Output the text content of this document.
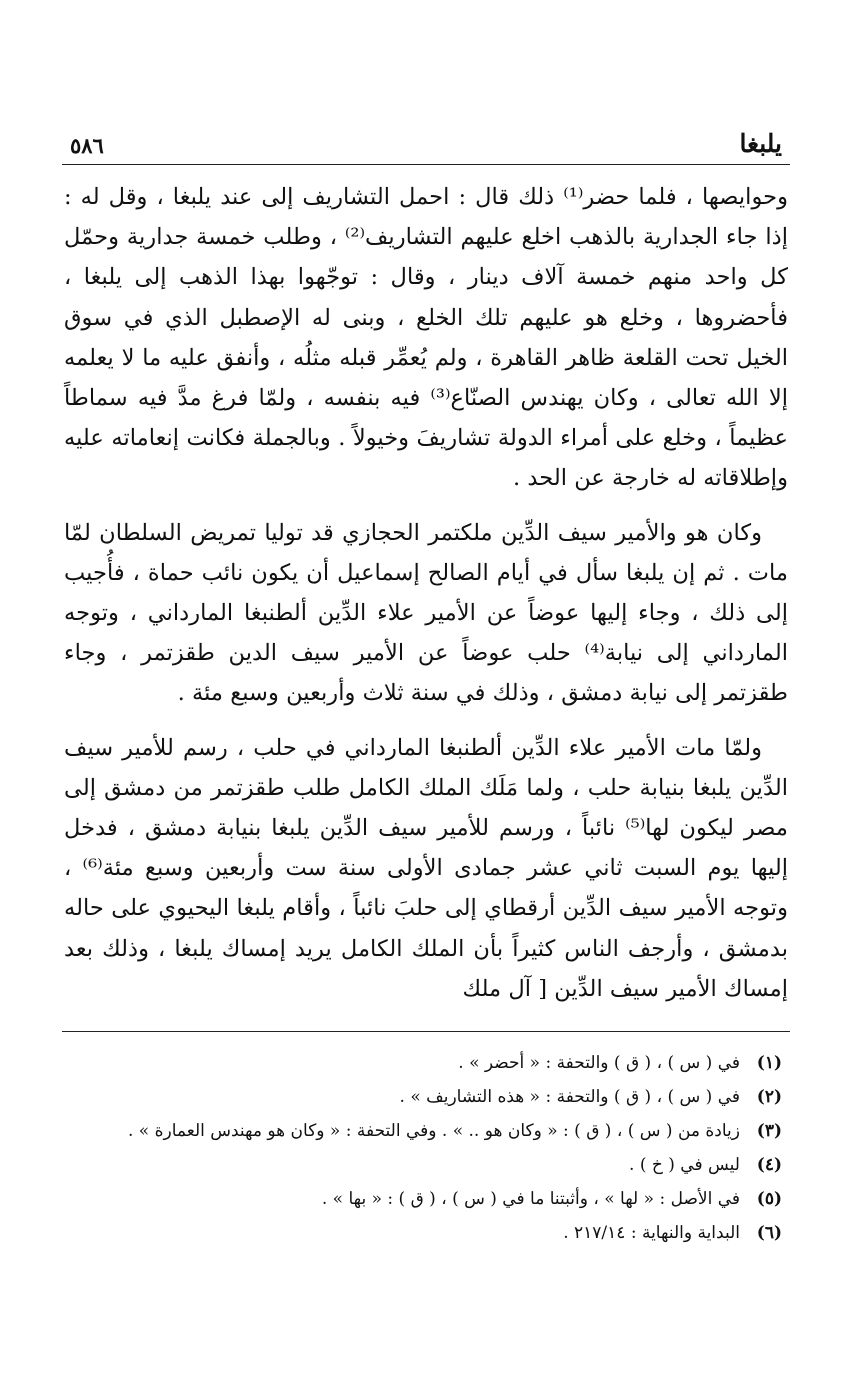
يلبغا
٥٨٦

وحوايصها ، فلما حضر⁽¹⁾ ذلك قال : احمل التشاريف إلى عند يلبغا ، وقل له : إذا جاء الجدارية بالذهب اخلع عليهم التشاريف⁽²⁾ ، وطلب خمسة جدارية وحمّل كل واحد منهم خمسة آلاف دينار ، وقال : توجّهوا بهذا الذهب إلى يلبغا ، فأحضروها ، وخلع هو عليهم تلك الخلع ، وبنى له الإصطبل الذي في سوق الخيل تحت القلعة ظاهر القاهرة ، ولم يُعمِّر قبله مثلُه ، وأنفق عليه ما لا يعلمه إلا الله تعالى ، وكان يهندس الصنّاع⁽³⁾ فيه بنفسه ، ولمّا فرغ مدَّ فيه سماطاً عظيماً ، وخلع على أمراء الدولة تشاريفَ وخيولاً . وبالجملة فكانت إنعاماته عليه وإطلاقاته له خارجة عن الحد .

وكان هو والأمير سيف الدِّين ملكتمر الحجازي قد توليا تمريض السلطان لمّا مات . ثم إن يلبغا سأل في أيام الصالح إسماعيل أن يكون نائب حماة ، فأُجيب إلى ذلك ، وجاء إليها عوضاً عن الأمير علاء الدِّين ألطنبغا المارداني ، وتوجه المارداني إلى نيابة⁽⁴⁾ حلب عوضاً عن الأمير سيف الدين طقزتمر ، وجاء طقزتمر إلى نيابة دمشق ، وذلك في سنة ثلاث وأربعين وسبع مئة .

ولمّا مات الأمير علاء الدِّين ألطنبغا المارداني في حلب ، رسم للأمير سيف الدِّين يلبغا بنيابة حلب ، ولما مَلَك الملك الكامل طلب طقزتمر من دمشق إلى مصر ليكون لها⁽⁵⁾ نائباً ، ورسم للأمير سيف الدِّين يلبغا بنيابة دمشق ، فدخل إليها يوم السبت ثاني عشر جمادى الأولى سنة ست وأربعين وسبع مئة⁽⁶⁾ ، وتوجه الأمير سيف الدِّين أرقطاي إلى حلبَ نائباً ، وأقام يلبغا اليحيوي على حاله بدمشق ، وأرجف الناس كثيراً بأن الملك الكامل يريد إمساك يلبغا ، وذلك بعد إمساك الأمير سيف الدِّين [ آل ملك

(١)
في ( س ) ، ( ق ) والتحفة : « أحضر » .
(٢)
في ( س ) ، ( ق ) والتحفة : « هذه التشاريف » .
(٣)
زيادة من ( س ) ، ( ق ) : « وكان هو .. » . وفي التحفة : « وكان هو مهندس العمارة » .
(٤)
ليس في ( خ ) .
(٥)
في الأصل : « لها » ، وأثبتنا ما في ( س ) ، ( ق ) : « بها » .
(٦)
البداية والنهاية : ٢١٧/١٤ .
